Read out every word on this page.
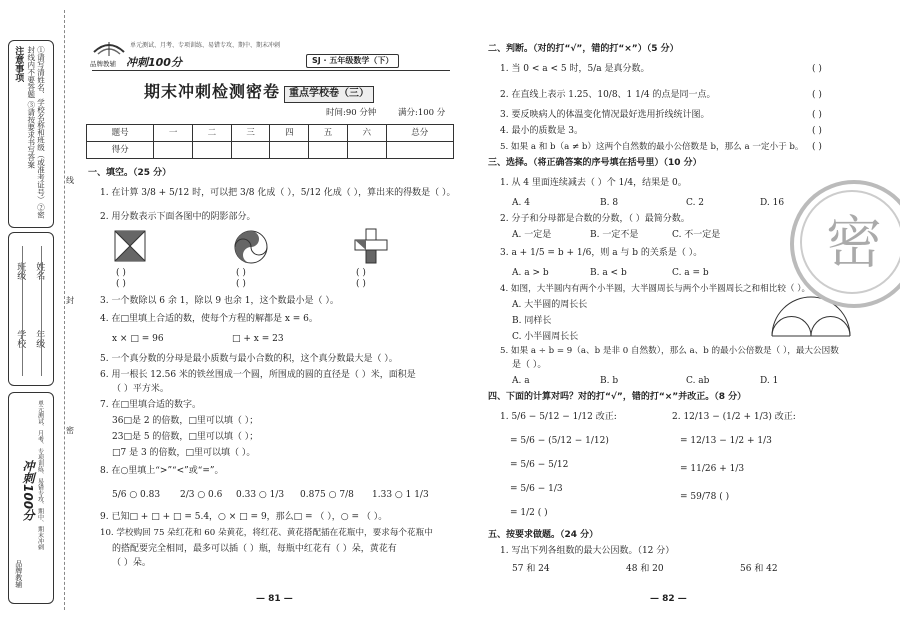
注意事项	①请写清姓名、学校名称和班级（或准考证号）②密封线内不要答题 ③请按要求书写答案
学校
班级
年级
姓名
冲刺100分 单元测试、月考、专项训练、易错专攻、期中、期末冲刺
品牌教辅
线
封
密
品牌教辅 冲刺100分
单元测试、月考、专项训练、易错专攻、期中、期末冲刺
SJ · 五年级数学（下）
期末冲刺检测密卷 重点学校卷（三）
时间:90 分钟	满分:100 分
题号	一	二	三	四	五	六	总分
得分							
一、填空。（25 分）
1. 在计算 3/8 + 5/12 时，可以把 3/8 化成（ ），5/12 化成（ ），算出来的得数是（ ）。
2. 用分数表示下面各图中的阴影部分。
( )	( )	( )
( )	( )	( )
3. 一个数除以 6 余 1，除以 9 也余 1，这个数最小是（ ）。
4. 在□里填上合适的数，使每个方程的解都是 x = 6。
x × □ = 96	□ + x = 23
5. 一个真分数的分母是最小质数与最小合数的积，这个真分数最大是（ ）。
6. 用一根长 12.56 米的铁丝围成一个圆，所围成的圆的直径是（ ）米，面积是
（ ）平方米。
7. 在□里填合适的数字。
36□是 2 的倍数，□里可以填（ ）；
23□是 5 的倍数，□里可以填（ ）；
□7 是 3 的倍数，□里可以填（ ）。
8. 在○里填上“>”“<”或“=”。
5/6 ○ 0.83 2/3 ○ 0.6 0.33 ○ 1/3 0.875 ○ 7/8 1.33 ○ 1 1/3
9. 已知□ + □ + □ = 5.4，○ × □ = 9，那么□ = （ ），○ = （ ）。
10. 学校购回 75 朵红花和 60 朵黄花，将红花、黄花搭配插在花瓶中，要求每个花瓶中
的搭配要完全相同，最多可以插（ ）瓶，每瓶中红花有（ ）朵，黄花有
（ ）朵。
— 81 —
二、判断。（对的打“√”，错的打“×”）（5 分）
1. 当 0 < a < 5 时，5/a 是真分数。	( )
2. 在直线上表示 1.25、10/8、1 1/4 的点是同一点。	( )
3. 要反映病人的体温变化情况最好选用折线统计图。	( )
4. 最小的质数是 3。	( )
5. 如果 a 和 b（a ≠ b）这两个自然数的最小公倍数是 b，那么 a 一定小于 b。 ( )
三、选择。（将正确答案的序号填在括号里）（10 分）
1. 从 4 里面连续减去（ ）个 1/4，结果是 0。
A. 4	B. 8	C. 2	D. 16
2. 分子和分母都是合数的分数，（ ）最简分数。
A. 一定是	B. 一定不是	C. 不一定是
3. a + 1/5 = b + 1/6，则 a 与 b 的关系是（ ）。
A. a > b	B. a < b	C. a = b
4. 如图，大半圆内有两个小半圆，大半圆周长与两个小半圆周长之和相比较（ ）。
A. 大半圆的周长长
B. 同样长
C. 小半圆周长长
5. 如果 a ÷ b = 9（a、b 是非 0 自然数），那么 a、b 的最小公倍数是（ ），最大公因数
是（ ）。
A. a	B. b	C. ab	D. 1
四、下面的计算对吗？对的打“√”，错的打“×”并改正。（8 分）
1. 5/6 − 5/12 − 1/12 改正:
= 5/6 − (5/12 − 1/12)
= 5/6 − 5/12
= 5/6 − 1/3
= 1/2 ( )
2. 12/13 − (1/2 + 1/3) 改正:
= 12/13 − 1/2 + 1/3
= 11/26 + 1/3
= 59/78 ( )
五、按要求做题。（24 分）
1. 写出下列各组数的最大公因数。（12 分）
57 和 24	48 和 20	56 和 42
— 82 —
密
